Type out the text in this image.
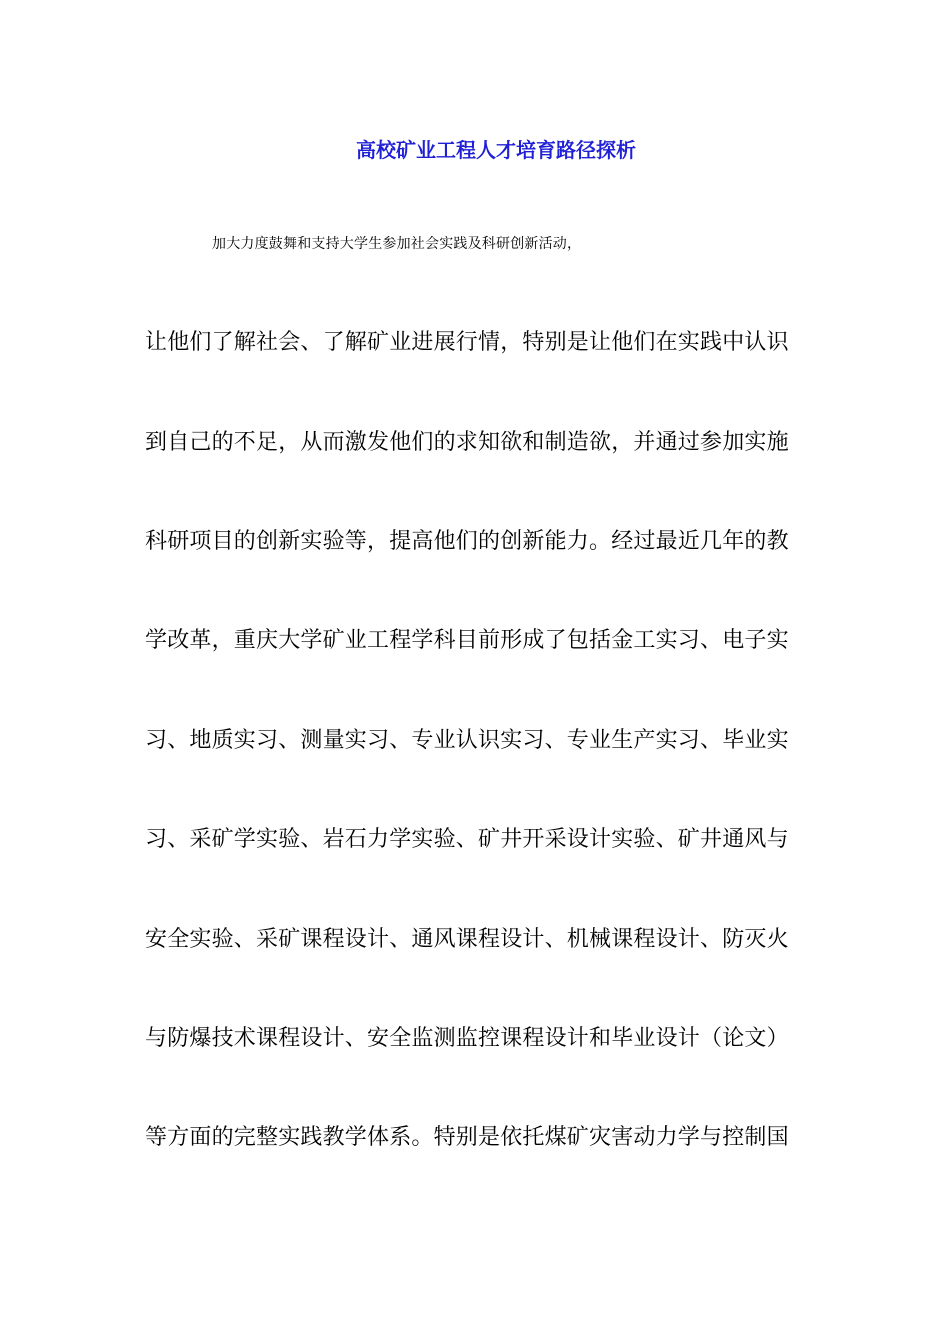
高校矿业工程人才培育路径探析
加大力度鼓舞和支持大学生参加社会实践及科研创新活动，
让他们了解社会、了解矿业进展行情，特别是让他们在实践中认识
到自己的不足，从而激发他们的求知欲和制造欲，并通过参加实施
科研项目的创新实验等，提高他们的创新能力。经过最近几年的教
学改革，重庆大学矿业工程学科目前形成了包括金工实习、电子实
习、地质实习、测量实习、专业认识实习、专业生产实习、毕业实
习、采矿学实验、岩石力学实验、矿井开采设计实验、矿井通风与
安全实验、采矿课程设计、通风课程设计、机械课程设计、防灭火
与防爆技术课程设计、安全监测监控课程设计和毕业设计（论文）
等方面的完整实践教学体系。特别是依托煤矿灾害动力学与控制国
